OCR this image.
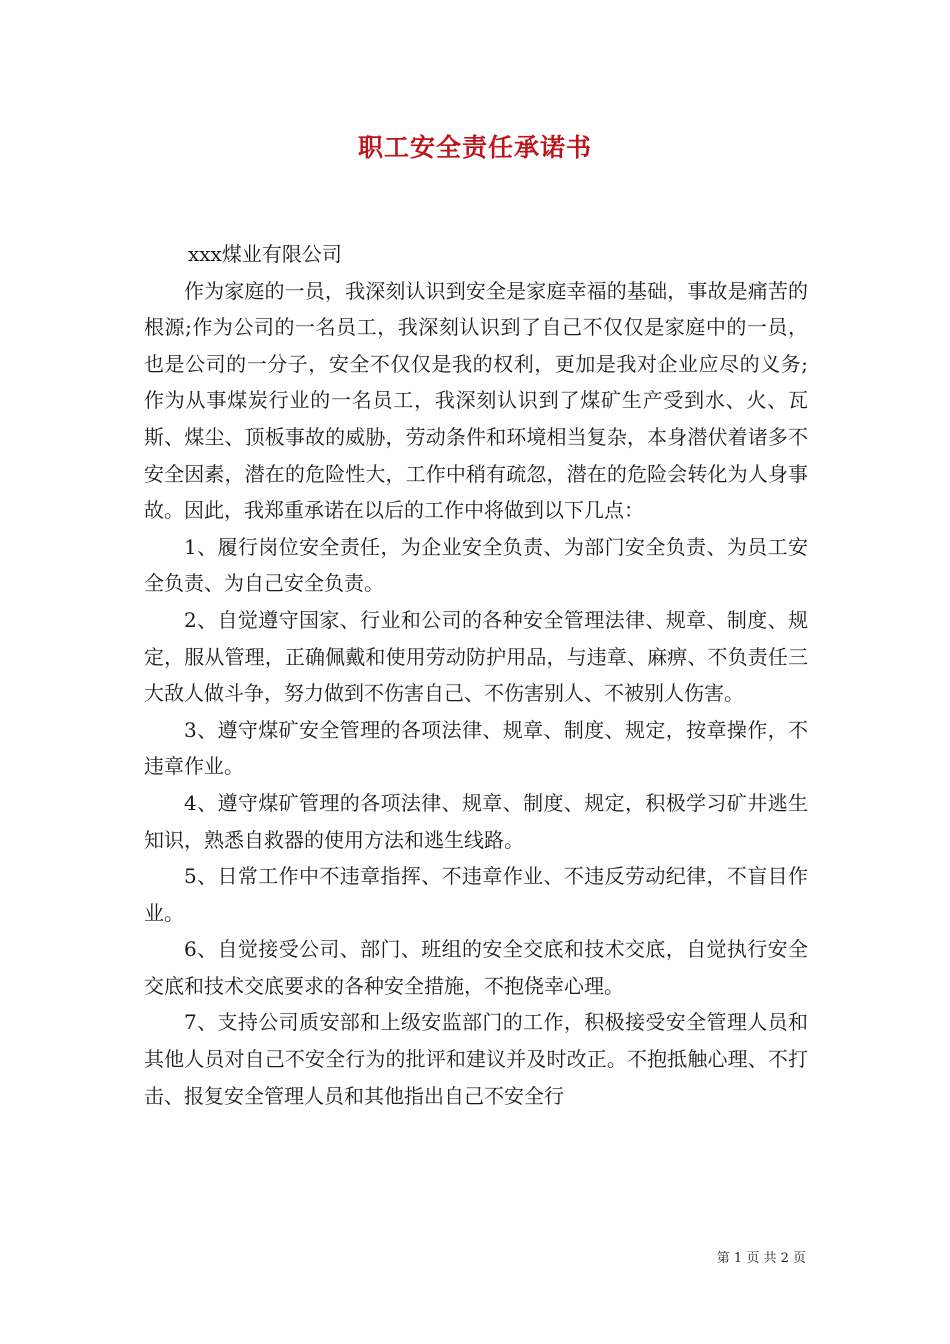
职工安全责任承诺书

xxx煤业有限公司

作为家庭的一员，我深刻认识到安全是家庭幸福的基础，事故是痛苦的根源;作为公司的一名员工，我深刻认识到了自己不仅仅是家庭中的一员，也是公司的一分子，安全不仅仅是我的权利，更加是我对企业应尽的义务;作为从事煤炭行业的一名员工，我深刻认识到了煤矿生产受到水、火、瓦斯、煤尘、顶板事故的威胁，劳动条件和环境相当复杂，本身潜伏着诸多不安全因素，潜在的危险性大，工作中稍有疏忽，潜在的危险会转化为人身事故。因此，我郑重承诺在以后的工作中将做到以下几点：

1、履行岗位安全责任，为企业安全负责、为部门安全负责、为员工安全负责、为自己安全负责。

2、自觉遵守国家、行业和公司的各种安全管理法律、规章、制度、规定，服从管理，正确佩戴和使用劳动防护用品，与违章、麻痹、不负责任三大敌人做斗争，努力做到不伤害自己、不伤害别人、不被别人伤害。

3、遵守煤矿安全管理的各项法律、规章、制度、规定，按章操作，不违章作业。

4、遵守煤矿管理的各项法律、规章、制度、规定，积极学习矿井逃生知识，熟悉自救器的使用方法和逃生线路。

5、日常工作中不违章指挥、不违章作业、不违反劳动纪律，不盲目作业。

6、自觉接受公司、部门、班组的安全交底和技术交底，自觉执行安全交底和技术交底要求的各种安全措施，不抱侥幸心理。

7、支持公司质安部和上级安监部门的工作，积极接受安全管理人员和其他人员对自己不安全行为的批评和建议并及时改正。不抱抵触心理、不打击、报复安全管理人员和其他指出自己不安全行

第 1 页 共 2 页
